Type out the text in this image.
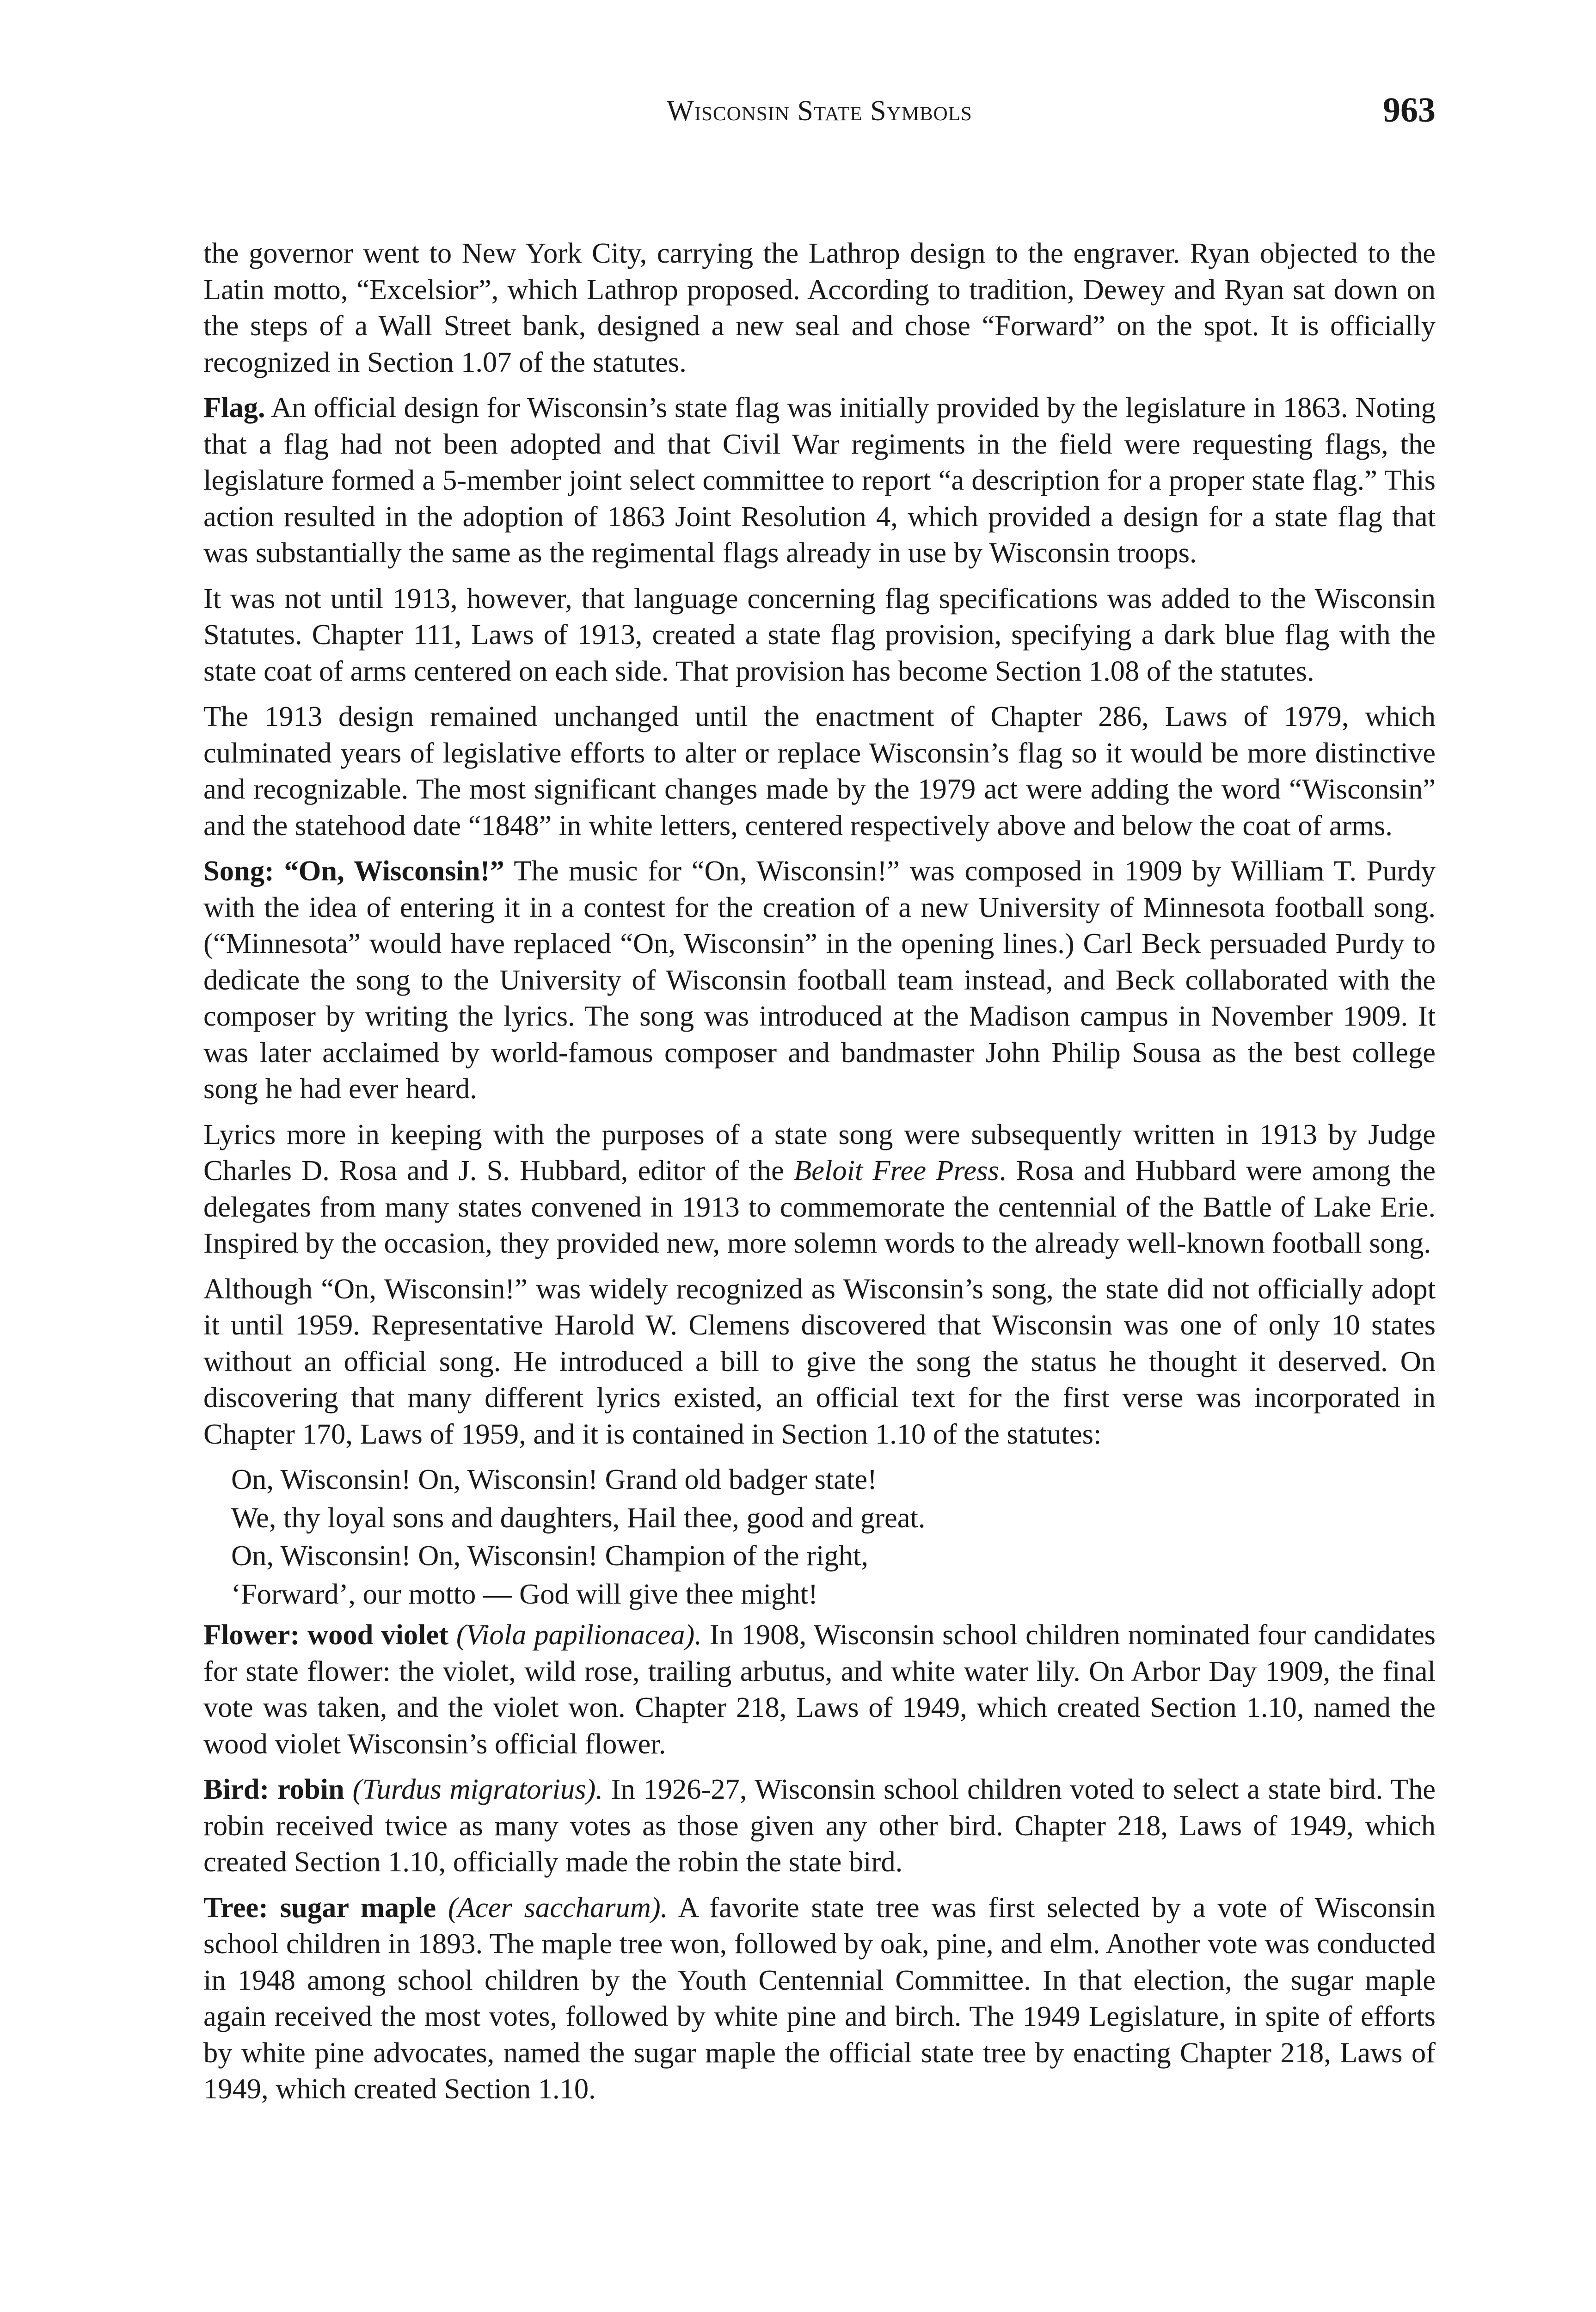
Wisconsin State Symbols	963

the governor went to New York City, carrying the Lathrop design to the engraver. Ryan objected to the Latin motto, “Excelsior”, which Lathrop proposed. According to tradition, Dewey and Ryan sat down on the steps of a Wall Street bank, designed a new seal and chose “Forward” on the spot. It is officially recognized in Section 1.07 of the statutes.

Flag. An official design for Wisconsin’s state flag was initially provided by the legislature in 1863. Noting that a flag had not been adopted and that Civil War regiments in the field were requesting flags, the legislature formed a 5-member joint select committee to report “a description for a proper state flag.” This action resulted in the adoption of 1863 Joint Resolution 4, which provided a design for a state flag that was substantially the same as the regimental flags already in use by Wisconsin troops.

It was not until 1913, however, that language concerning flag specifications was added to the Wisconsin Statutes. Chapter 111, Laws of 1913, created a state flag provision, specifying a dark blue flag with the state coat of arms centered on each side. That provision has become Section 1.08 of the statutes.

The 1913 design remained unchanged until the enactment of Chapter 286, Laws of 1979, which culminated years of legislative efforts to alter or replace Wisconsin’s flag so it would be more distinctive and recognizable. The most significant changes made by the 1979 act were adding the word “Wisconsin” and the statehood date “1848” in white letters, centered respectively above and below the coat of arms.

Song: “On, Wisconsin!” The music for “On, Wisconsin!” was composed in 1909 by William T. Purdy with the idea of entering it in a contest for the creation of a new University of Minnesota football song. (“Minnesota” would have replaced “On, Wisconsin” in the opening lines.) Carl Beck persuaded Purdy to dedicate the song to the University of Wisconsin football team instead, and Beck collaborated with the composer by writing the lyrics. The song was introduced at the Madison campus in November 1909. It was later acclaimed by world-famous composer and bandmaster John Philip Sousa as the best college song he had ever heard.

Lyrics more in keeping with the purposes of a state song were subsequently written in 1913 by Judge Charles D. Rosa and J. S. Hubbard, editor of the Beloit Free Press. Rosa and Hubbard were among the delegates from many states convened in 1913 to commemorate the centennial of the Battle of Lake Erie. Inspired by the occasion, they provided new, more solemn words to the already well-known football song.

Although “On, Wisconsin!” was widely recognized as Wisconsin’s song, the state did not officially adopt it until 1959. Representative Harold W. Clemens discovered that Wisconsin was one of only 10 states without an official song. He introduced a bill to give the song the status he thought it deserved. On discovering that many different lyrics existed, an official text for the first verse was incorporated in Chapter 170, Laws of 1959, and it is contained in Section 1.10 of the statutes:

On, Wisconsin! On, Wisconsin! Grand old badger state!
We, thy loyal sons and daughters, Hail thee, good and great.
On, Wisconsin! On, Wisconsin! Champion of the right,
‘Forward’, our motto — God will give thee might!

Flower: wood violet (Viola papilionacea). In 1908, Wisconsin school children nominated four candidates for state flower: the violet, wild rose, trailing arbutus, and white water lily. On Arbor Day 1909, the final vote was taken, and the violet won. Chapter 218, Laws of 1949, which created Section 1.10, named the wood violet Wisconsin’s official flower.

Bird: robin (Turdus migratorius). In 1926-27, Wisconsin school children voted to select a state bird. The robin received twice as many votes as those given any other bird. Chapter 218, Laws of 1949, which created Section 1.10, officially made the robin the state bird.

Tree: sugar maple (Acer saccharum). A favorite state tree was first selected by a vote of Wisconsin school children in 1893. The maple tree won, followed by oak, pine, and elm. Another vote was conducted in 1948 among school children by the Youth Centennial Committee. In that election, the sugar maple again received the most votes, followed by white pine and birch. The 1949 Legislature, in spite of efforts by white pine advocates, named the sugar maple the official state tree by enacting Chapter 218, Laws of 1949, which created Section 1.10.
